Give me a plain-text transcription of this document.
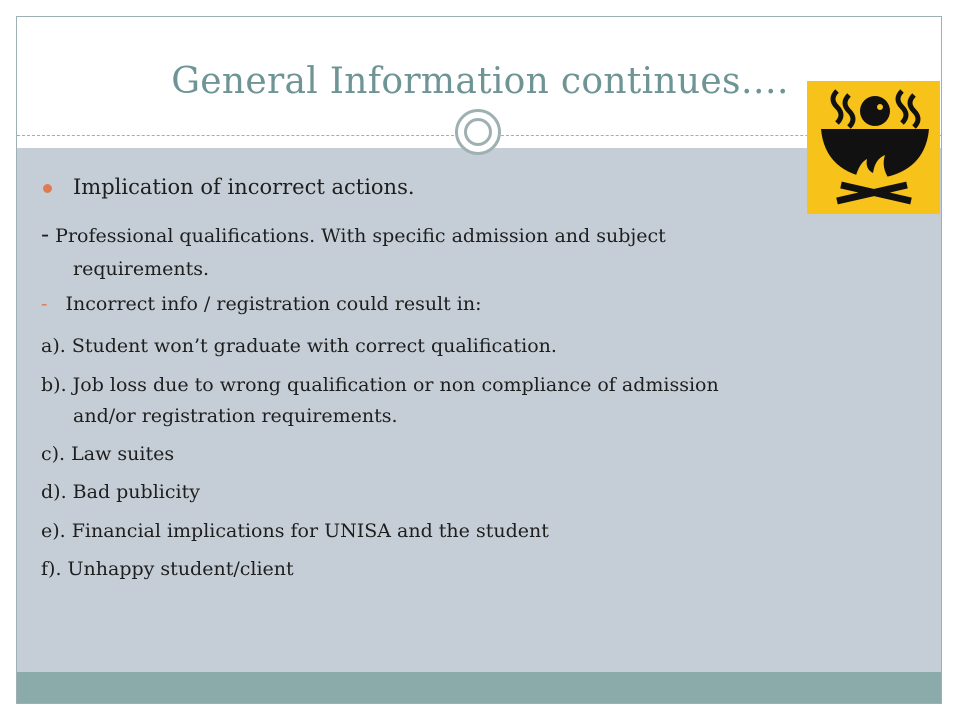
General Information continues….

Implication of incorrect actions.

- Professional qualifications. With specific admission and subject

requirements.

- Incorrect info / registration could result in:

a). Student won’t graduate with correct qualification.

b). Job loss due to wrong qualification or non compliance of admission

and/or registration requirements.

c). Law suites

d). Bad publicity

e). Financial implications for UNISA and the student

f). Unhappy student/client
